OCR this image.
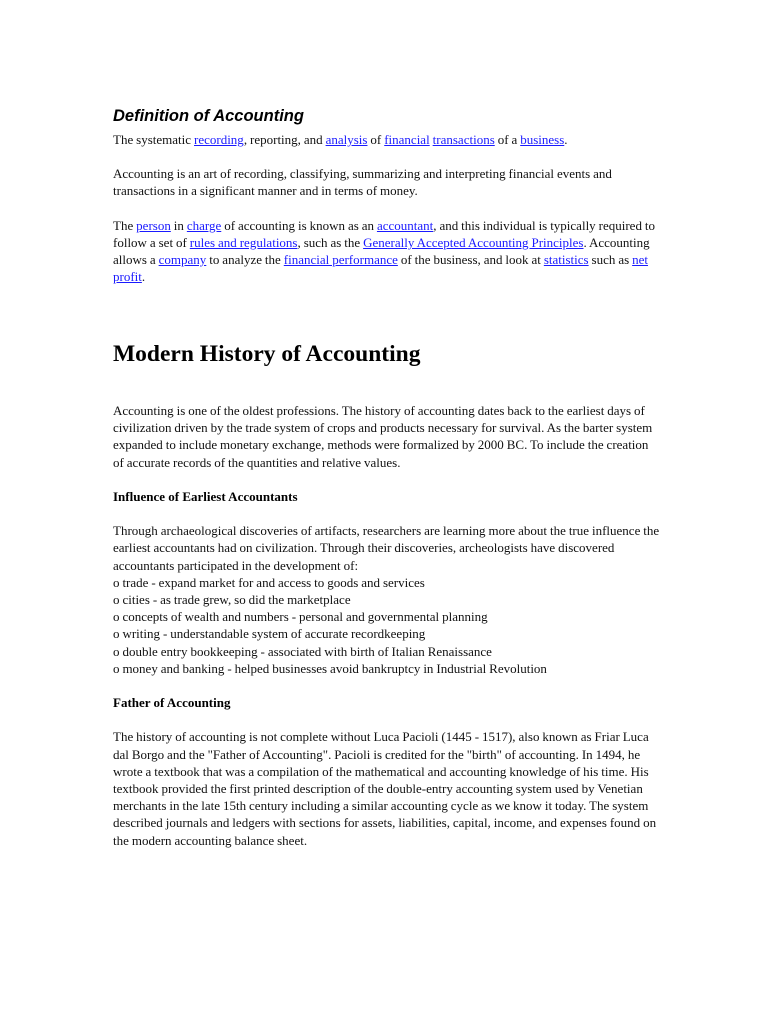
Definition of Accounting

The systematic recording, reporting, and analysis of financial transactions of a business.

Accounting is an art of recording, classifying, summarizing and interpreting financial events and transactions in a significant manner and in terms of money.

The person in charge of accounting is known as an accountant, and this individual is typically required to follow a set of rules and regulations, such as the Generally Accepted Accounting Principles. Accounting allows a company to analyze the financial performance of the business, and look at statistics such as net profit.

Modern History of Accounting

Accounting is one of the oldest professions. The history of accounting dates back to the earliest days of civilization driven by the trade system of crops and products necessary for survival. As the barter system expanded to include monetary exchange, methods were formalized by 2000 BC. To include the creation of accurate records of the quantities and relative values.

Influence of Earliest Accountants

Through archaeological discoveries of artifacts, researchers are learning more about the true influence the earliest accountants had on civilization. Through their discoveries, archeologists have discovered accountants participated in the development of:
o trade - expand market for and access to goods and services
o cities - as trade grew, so did the marketplace
o concepts of wealth and numbers - personal and governmental planning
o writing - understandable system of accurate recordkeeping
o double entry bookkeeping - associated with birth of Italian Renaissance
o money and banking - helped businesses avoid bankruptcy in Industrial Revolution

Father of Accounting

The history of accounting is not complete without Luca Pacioli (1445 - 1517), also known as Friar Luca dal Borgo and the "Father of Accounting". Pacioli is credited for the "birth" of accounting. In 1494, he wrote a textbook that was a compilation of the mathematical and accounting knowledge of his time. His textbook provided the first printed description of the double-entry accounting system used by Venetian merchants in the late 15th century including a similar accounting cycle as we know it today. The system described journals and ledgers with sections for assets, liabilities, capital, income, and expenses found on the modern accounting balance sheet.
